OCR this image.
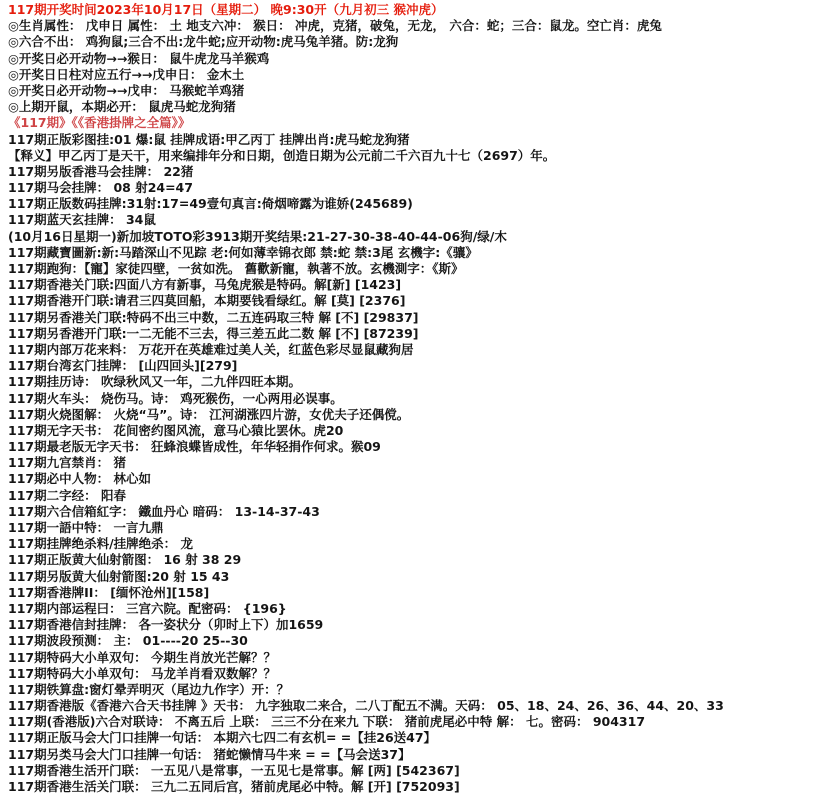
117期开奖时间2023年10月17日（星期二） 晚9:30开（九月初三 猴冲虎）
◎生肖属性： 戊申日 属性： 土 地支六冲： 猴日： 冲虎，克猪，破兔，无龙， 六合：蛇；三合：鼠龙。空亡肖：虎兔
◎六合不出： 鸡狗鼠;三合不出:龙牛蛇;应开动物:虎马兔羊猪。防:龙狗
◎开奖日必开动物→→猴日： 鼠牛虎龙马羊猴鸡
◎开奖日日柱对应五行→→戊申日： 金木土
◎开奖日必开动物→→戊申： 马猴蛇羊鸡猪
◎上期开鼠，本期必开： 鼠虎马蛇龙狗猪
《117期》《《香港掛牌之全篇》》
117期正版彩图挂:01 爆:鼠 挂牌成语:甲乙丙丁 挂牌出肖:虎马蛇龙狗猪
【释义】甲乙丙丁是天干，用来编排年分和日期，创造日期为公元前二千六百九十七（2697）年。
117期另版香港马会挂牌： 22猪
117期马会挂牌： 08 射24=47
117期正版数码挂牌:31射:17=49壹句真言:倚烟啼露为谁娇(245689)
117期蓝天玄挂牌： 34鼠
(10月16日星期一)新加坡TOTO彩3913期开奖结果:21-27-30-38-40-44-06狗/绿/木
117期藏寶圖新:新:马踏深山不见踪 老:何如薄幸锦衣郎 禁:蛇 禁:3尾 玄機字:《骧》
117期跑狗：【寵】家徒四壁，一贫如洗。 舊歡新寵，執著不放。玄機測字：《斯》
117期香港关门联:四面八方有新事，马兔虎猴是特码。解[新] [1423]
117期香港开门联:请君三四莫回船，本期要钱看绿红。解 [莫] [2376]
117期另香港关门联:特码不出三中数，二五连码取三特 解 [不] [29837]
117期另香港开门联:一二无能不三去，得三差五此二数 解 [不] [87239]
117期内部万花来料： 万花开在英雄难过美人关，红蓝色彩尽显鼠藏狗居
117期台湾玄门挂牌： [山四回头][279]
117期挂历诗： 吹绿秋风又一年，二九伴四旺本期。
117期火车头： 烧伤马。诗： 鸡死猴伤，一心两用必误事。
117期火烧图解： 火烧“马”。诗： 江河湖涨四片游，女优夫子还偶傥。
117期无字天书： 花间密约图风流，意马心猿比罢休。虎20
117期最老版无字天书： 狂蜂浪蝶皆成性，年华轻捐作何求。猴09
117期九宫禁肖： 猪
117期必中人物： 林心如
117期二字经： 阳春
117期六合信箱紅字： 鐵血丹心 暗码： 13-14-37-43
117期一語中特： 一言九鼎
117期挂牌绝杀料/挂牌绝杀： 龙
117期正版黄大仙射箭图： 16 射 38 29
117期另版黄大仙射箭图:20 射 15 43
117期香港牌II： [缅怀沧州][158]
117期内部运程曰： 三宫六院。配密码： {196}
117期香港信封挂牌： 各一姿状分（卯时上下）加1659
117期波段预测： 主： 01----20 25--30
117期特码大小单双句： 今期生肖放光芒解？？
117期特码大小单双句： 马龙羊肖看双数解？？
117期铁算盘:窗灯晕弄明灭（尾边九作字）开：？
117期香港版《香港六合天书挂牌 》天书： 九字独取二来合，二八丁配五不满。天码： 05、18、24、26、36、44、20、33
117期(香港版)六合对联诗： 不离五后 上联： 三三不分在来九 下联： 猪前虎尾必中特 解： 七。密码： 904317
117期正版马会大门口挂牌一句话： 本期六七四二有玄机= =【挂26送47】
117期另类马会大门口挂牌一句话： 猪蛇懒情马牛来 = =【马会送37】
117期香港生活开门联： 一五见八是常事，一五见七是常事。解 [两] [542367]
117期香港生活关门联： 三九二五同后宫，猪前虎尾必中特。解 [开] [752093]
